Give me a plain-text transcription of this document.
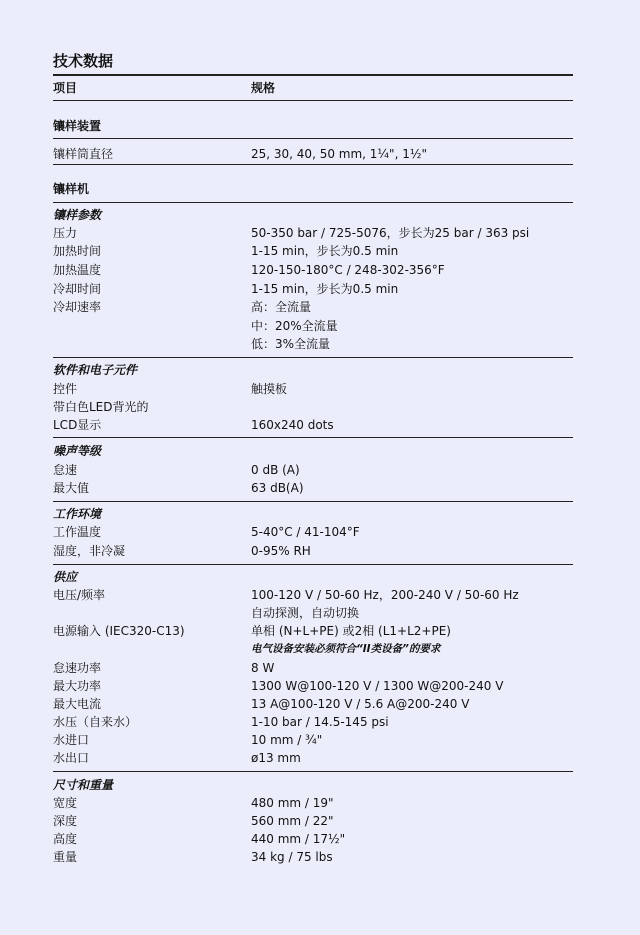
技术数据
项目	规格
镶样装置
镶样筒直径	25, 30, 40, 50 mm, 1¼", 1½"
镶样机
镶样参数
压力	50-350 bar / 725-5076，步长为25 bar / 363 psi
加热时间	1-15 min，步长为0.5 min
加热温度	120-150-180°C / 248-302-356°F
冷却时间	1-15 min，步长为0.5 min
冷却速率	高：全流量
中：20%全流量
低：3%全流量
软件和电子元件
控件	触摸板
带白色LED背光的
LCD显示	160x240 dots
噪声等级
怠速	0 dB (A)
最大值	63 dB(A)
工作环境
工作温度	5-40°C / 41-104°F
湿度，非冷凝	0-95% RH
供应
电压/频率	100-120 V / 50-60 Hz，200-240 V / 50-60 Hz
自动探测，自动切换
电源输入 (IEC320-C13)	单相 (N+L+PE) 或2相 (L1+L2+PE)
电气设备安装必须符合“II类设备”的要求
怠速功率	8 W
最大功率	1300 W@100-120 V / 1300 W@200-240 V
最大电流	13 A@100-120 V / 5.6 A@200-240 V
水压（自来水）	1-10 bar / 14.5-145 psi
水进口	10 mm / ¾"
水出口	ø13 mm
尺寸和重量
宽度	480 mm / 19"
深度	560 mm / 22"
高度	440 mm / 17½"
重量	34 kg / 75 lbs
